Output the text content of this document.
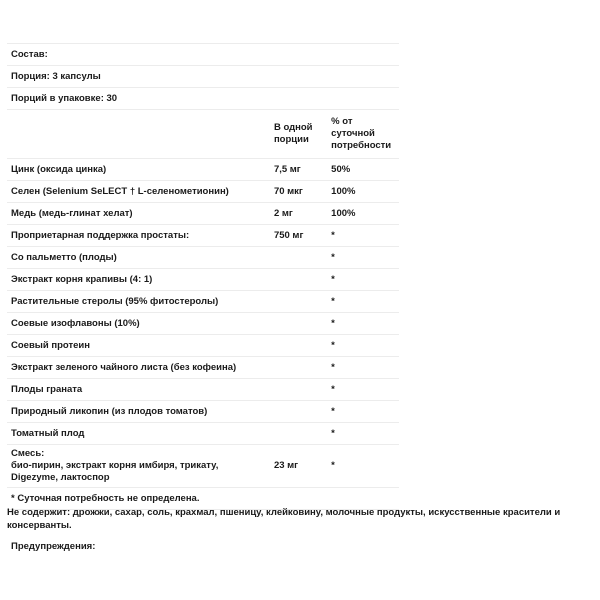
Состав:		
Порция: 3 капсулы		
Порций в упаковке: 30		
	В одной порции	% от суточной потребности
Цинк (оксида цинка)	7,5 мг	50%
Селен (Selenium SeLECT † L-селенометионин)	70 мкг	100%
Медь (медь-глинат хелат)	2 мг	100%
Проприетарная поддержка простаты:	750 мг	*
Со пальметто (плоды)		*
Экстракт корня крапивы (4: 1)		*
Растительные стеролы (95% фитостеролы)		*
Соевые изофлавоны (10%)		*
Соевый протеин		*
Экстракт зеленого чайного листа (без кофеина)		*
Плоды граната		*
Природный ликопин (из плодов томатов)		*
Томатный плод		*

Смесь:
био-пирин, экстракт корня имбиря, трикату,
Digezyme, лактоспор	23 мг	*
* Суточная потребность не определена.		
Не содержит: дрожжи, сахар, соль, крахмал, пшеницу, клейковину, молочные продукты, искусственные красители и консерванты.
Предупреждения:
